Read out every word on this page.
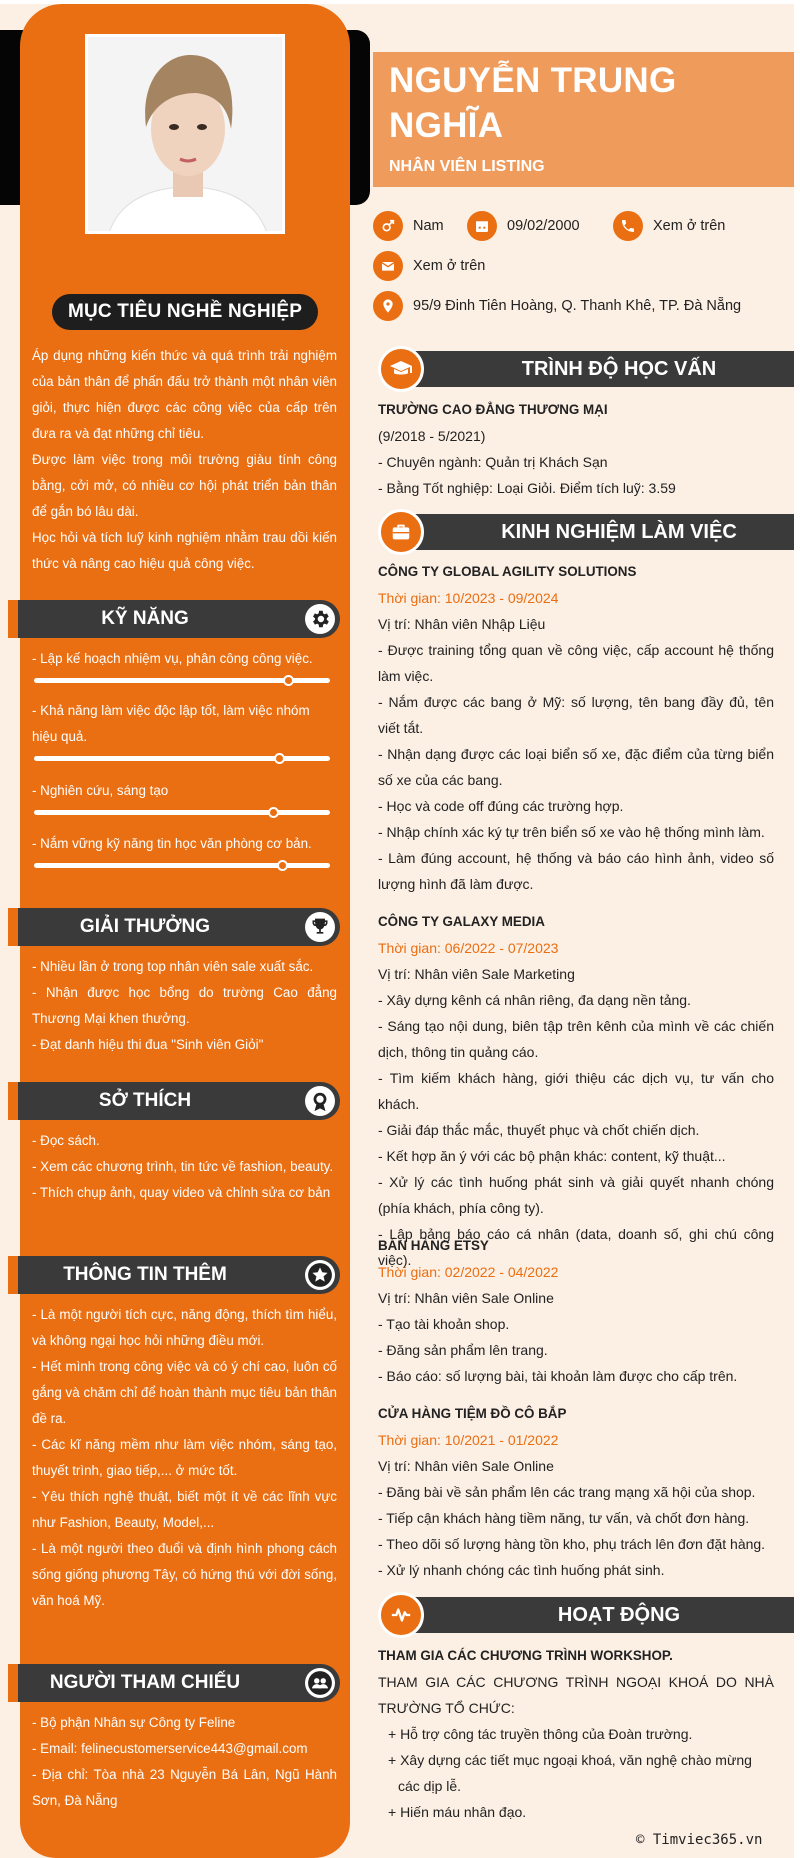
MỤC TIÊU NGHỀ NGHIỆP

Áp dụng những kiến thức và quá trình trải nghiệm của bản thân để phấn đấu trở thành một nhân viên giỏi, thực hiện được các công việc của cấp trên đưa ra và đạt những chỉ tiêu.

Được làm việc trong môi trường giàu tính công bằng, cởi mở, có nhiều cơ hội phát triển bản thân để gắn bó lâu dài.

Học hỏi và tích luỹ kinh nghiệm nhằm trau dồi kiến thức và nâng cao hiệu quả công việc.

KỸ NĂNG
- Lập kế hoạch nhiệm vụ, phân công công việc.
- Khả năng làm việc độc lập tốt, làm việc nhóm hiệu quả.
- Nghiên cứu, sáng tạo
- Nắm vững kỹ năng tin học văn phòng cơ bản.
GIẢI THƯỞNG

- Nhiều lần ở trong top nhân viên sale xuất sắc.

- Nhận được học bổng do trường Cao đẳng Thương Mại khen thưởng.

- Đạt danh hiệu thi đua "Sinh viên Giỏi"

SỞ THÍCH

- Đọc sách.

- Xem các chương trình, tin tức về fashion, beauty.

- Thích chụp ảnh, quay video và chỉnh sửa cơ bản

THÔNG TIN THÊM

- Là một người tích cực, năng động, thích tìm hiểu, và không ngại học hỏi những điều mới.

- Hết mình trong công việc và có ý chí cao, luôn cố gắng và chăm chỉ để hoàn thành mục tiêu bản thân đề ra.

- Các kĩ năng mềm như làm việc nhóm, sáng tạo, thuyết trình, giao tiếp,... ở mức tốt.

- Yêu thích nghệ thuật, biết một ít về các lĩnh vực như Fashion, Beauty, Model,...

- Là một người theo đuổi và định hình phong cách sống giống phương Tây, có hứng thú với đời sống, văn hoá Mỹ.

NGƯỜI THAM CHIẾU

- Bộ phận Nhân sự Công ty Feline

- Email: felinecustomerservice443@gmail.com

- Địa chỉ: Tòa nhà 23 Nguyễn Bá Lân, Ngũ Hành Sơn, Đà Nẵng

NGUYỄN TRUNG
NGHĨA
NHÂN VIÊN LISTING
Nam	09/02/2000	Xem ở trên
Xem ở trên
95/9 Đinh Tiên Hoàng, Q. Thanh Khê, TP. Đà Nẵng
TRÌNH ĐỘ HỌC VẤN

TRƯỜNG CAO ĐẲNG THƯƠNG MẠI

(9/2018 - 5/2021)

- Chuyên ngành: Quản trị Khách Sạn

- Bằng Tốt nghiệp: Loại Giỏi. Điểm tích luỹ: 3.59

KINH NGHIỆM LÀM VIỆC

CÔNG TY GLOBAL AGILITY SOLUTIONS

Thời gian: 10/2023 - 09/2024

Vị trí: Nhân viên Nhập Liệu

- Được training tổng quan về công việc, cấp account hệ thống làm việc.

- Nắm được các bang ở Mỹ: số lượng, tên bang đầy đủ, tên viết tắt.

- Nhận dạng được các loại biển số xe, đặc điểm của từng biển số xe của các bang.

- Học và code off đúng các trường hợp.

- Nhập chính xác ký tự trên biển số xe vào hệ thống mình làm.

- Làm đúng account, hệ thống và báo cáo hình ảnh, video số lượng hình đã làm được.

CÔNG TY GALAXY MEDIA

Thời gian: 06/2022 - 07/2023

Vị trí: Nhân viên Sale Marketing

- Xây dựng kênh cá nhân riêng, đa dạng nền tảng.

- Sáng tạo nội dung, biên tập trên kênh của mình về các chiến dịch, thông tin quảng cáo.

- Tìm kiếm khách hàng, giới thiệu các dịch vụ, tư vấn cho khách.

- Giải đáp thắc mắc, thuyết phục và chốt chiến dịch.

- Kết hợp ăn ý với các bộ phận khác: content, kỹ thuật...

- Xử lý các tình huống phát sinh và giải quyết nhanh chóng (phía khách, phía công ty).

- Lập bảng báo cáo cá nhân (data, doanh số, ghi chú công việc).

BÁN HÀNG ETSY

Thời gian: 02/2022 - 04/2022

Vị trí: Nhân viên Sale Online

- Tạo tài khoản shop.

- Đăng sản phẩm lên trang.

- Báo cáo: số lượng bài, tài khoản làm được cho cấp trên.

CỬA HÀNG TIỆM ĐỒ CÔ BẮP

Thời gian: 10/2021 - 01/2022

Vị trí: Nhân viên Sale Online

- Đăng bài về sản phẩm lên các trang mạng xã hội của shop.

- Tiếp cận khách hàng tiềm năng, tư vấn, và chốt đơn hàng.

- Theo dõi số lượng hàng tồn kho, phụ trách lên đơn đặt hàng.

- Xử lý nhanh chóng các tình huống phát sinh.

HOẠT ĐỘNG

THAM GIA CÁC CHƯƠNG TRÌNH WORKSHOP.

THAM GIA CÁC CHƯƠNG TRÌNH NGOẠI KHOÁ DO NHÀ TRƯỜNG TỔ CHỨC:

+ Hỗ trợ công tác truyền thông của Đoàn trường.

+ Xây dựng các tiết mục ngoại khoá, văn nghệ chào mừng

các dịp lễ.

+ Hiến máu nhân đạo.

© Timviec365.vn
